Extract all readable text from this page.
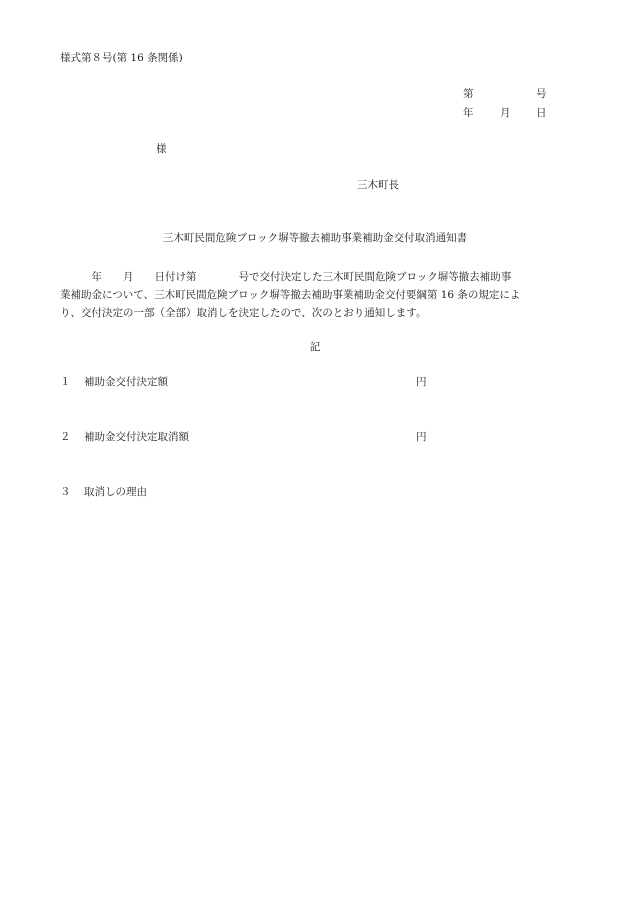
様式第８号(第 16 条関係)
第	号
年	月 日
様
三木町長
三木町民間危険ブロック塀等撤去補助事業補助金交付取消通知書
　　　年　　月　　日付け第　　　　号で交付決定した三木町民間危険ブロック塀等撤去補助事
業補助金について、三木町民間危険ブロック塀等撤去補助事業補助金交付要綱第 16 条の規定によ
り、交付決定の一部（全部）取消しを決定したので、次のとおり通知します。
記
１ 補助金交付決定額	円
２ 補助金交付決定取消額	円
３ 取消しの理由
